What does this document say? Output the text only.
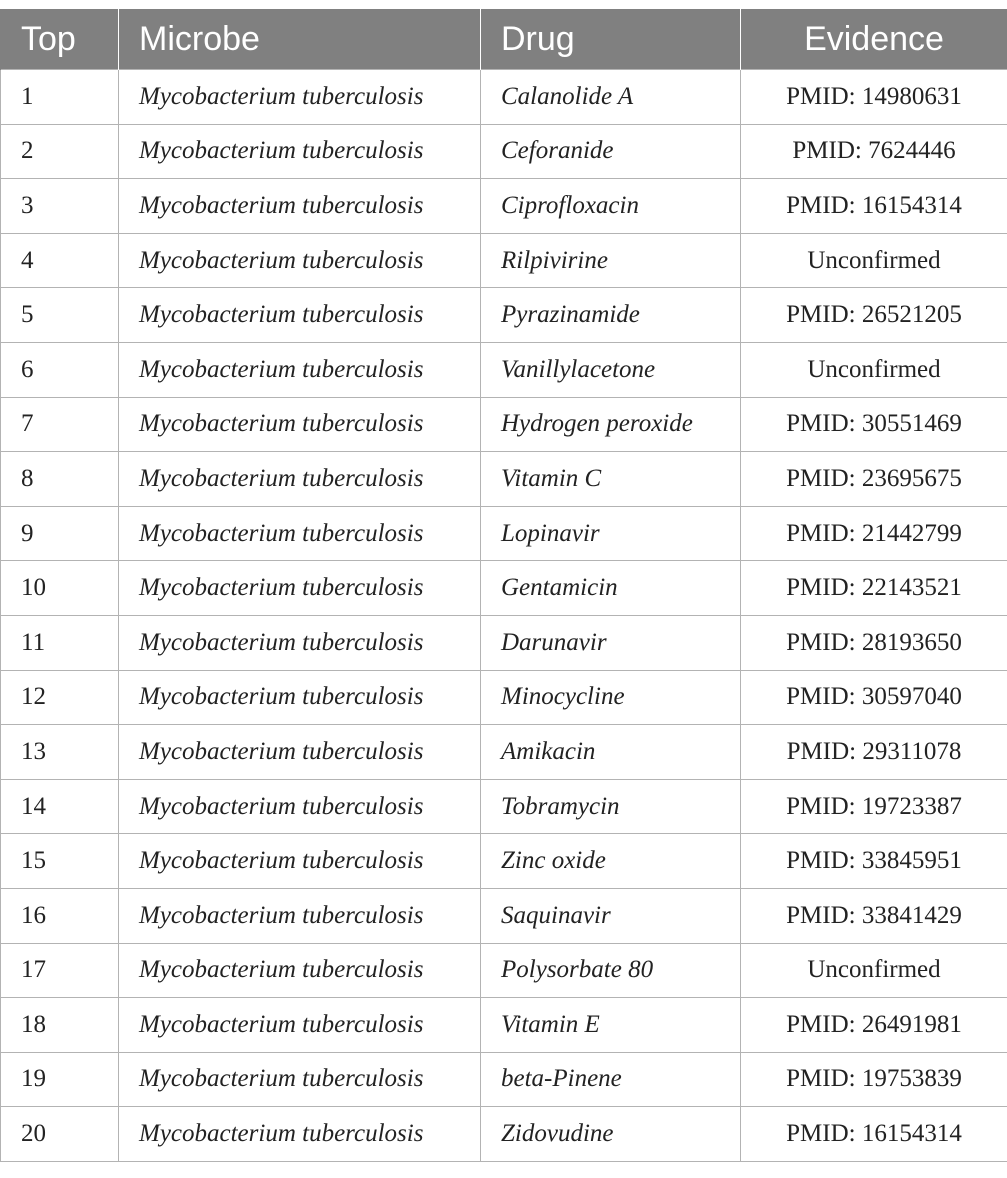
Top	Microbe	Drug	Evidence
1	Mycobacterium tuberculosis	Calanolide A	PMID: 14980631
2	Mycobacterium tuberculosis	Ceforanide	PMID: 7624446
3	Mycobacterium tuberculosis	Ciprofloxacin	PMID: 16154314
4	Mycobacterium tuberculosis	Rilpivirine	Unconfirmed
5	Mycobacterium tuberculosis	Pyrazinamide	PMID: 26521205
6	Mycobacterium tuberculosis	Vanillylacetone	Unconfirmed
7	Mycobacterium tuberculosis	Hydrogen peroxide	PMID: 30551469
8	Mycobacterium tuberculosis	Vitamin C	PMID: 23695675
9	Mycobacterium tuberculosis	Lopinavir	PMID: 21442799
10	Mycobacterium tuberculosis	Gentamicin	PMID: 22143521
11	Mycobacterium tuberculosis	Darunavir	PMID: 28193650
12	Mycobacterium tuberculosis	Minocycline	PMID: 30597040
13	Mycobacterium tuberculosis	Amikacin	PMID: 29311078
14	Mycobacterium tuberculosis	Tobramycin	PMID: 19723387
15	Mycobacterium tuberculosis	Zinc oxide	PMID: 33845951
16	Mycobacterium tuberculosis	Saquinavir	PMID: 33841429
17	Mycobacterium tuberculosis	Polysorbate 80	Unconfirmed
18	Mycobacterium tuberculosis	Vitamin E	PMID: 26491981
19	Mycobacterium tuberculosis	beta-Pinene	PMID: 19753839
20	Mycobacterium tuberculosis	Zidovudine	PMID: 16154314
